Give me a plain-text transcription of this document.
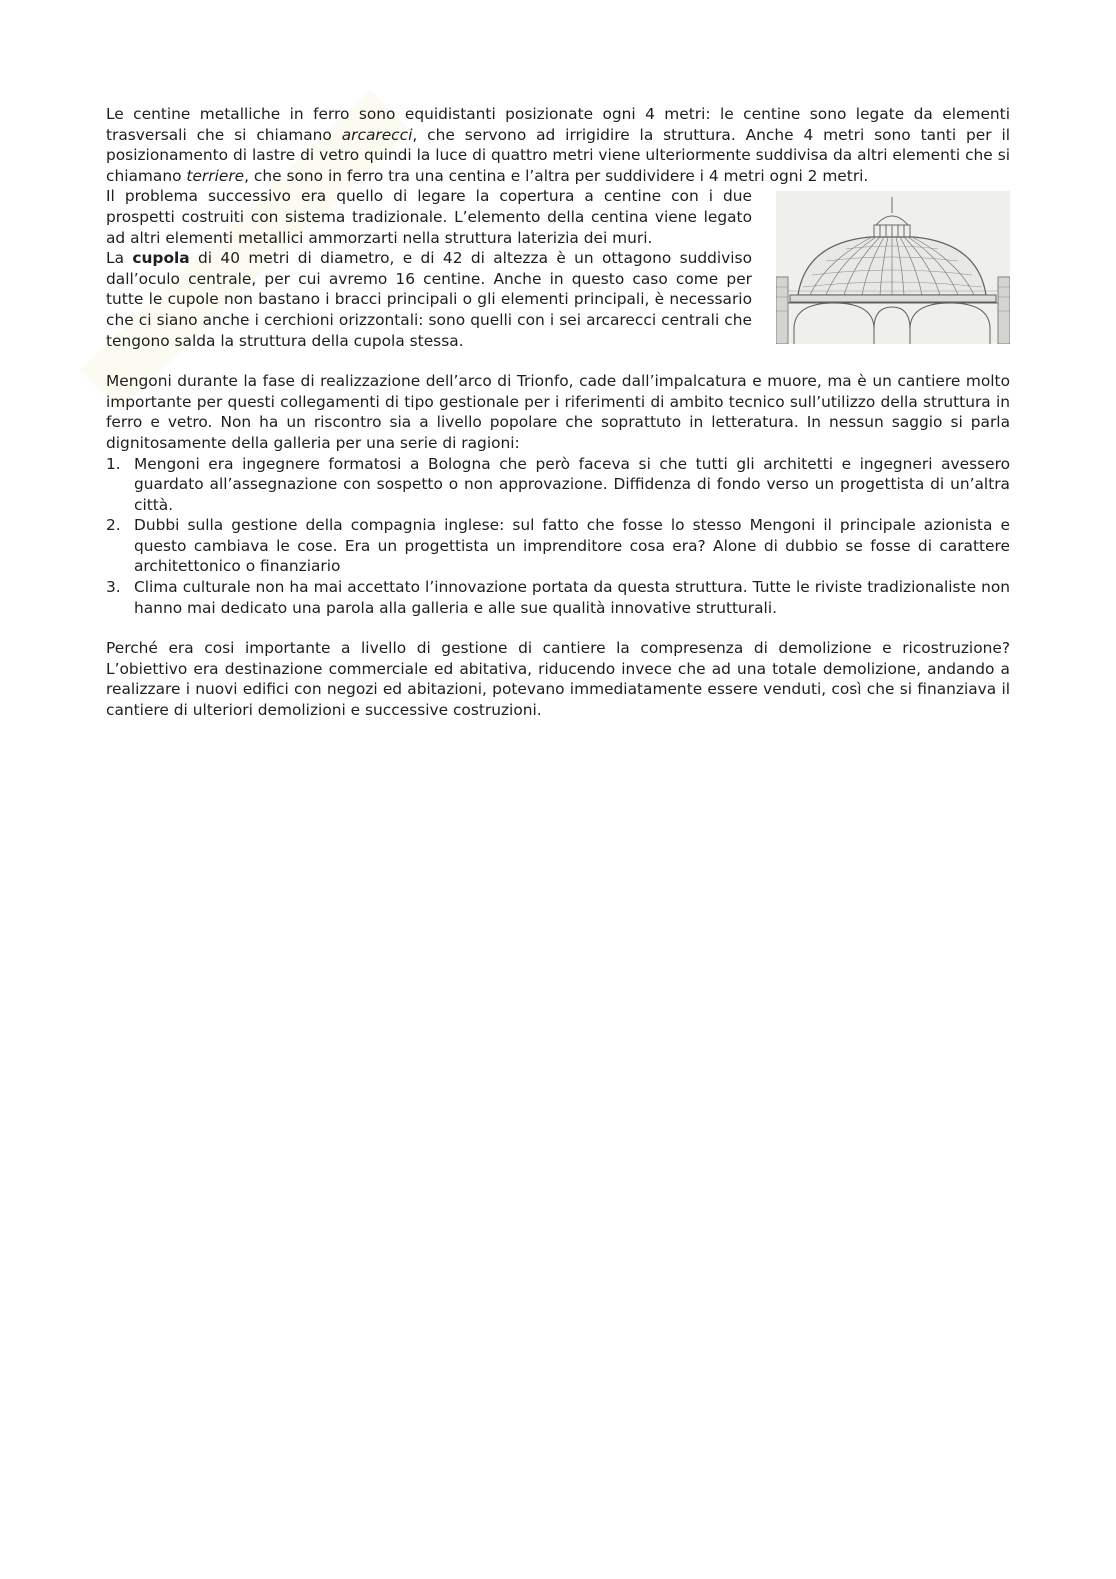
Le centine metalliche in ferro sono equidistanti posizionate ogni 4 metri: le centine sono legate da elementi trasversali che si chiamano arcarecci, che servono ad irrigidire la struttura. Anche 4 metri sono tanti per il posizionamento di lastre di vetro quindi la luce di quattro metri viene ulteriormente suddivisa da altri elementi che si chiamano terriere, che sono in ferro tra una centina e l’altra per suddividere i 4 metri ogni 2 metri.

Il problema successivo era quello di legare la copertura a centine con i due prospetti costruiti con sistema tradizionale. L’elemento della centina viene legato ad altri elementi metallici ammorzarti nella struttura laterizia dei muri.

La cupola di 40 metri di diametro, e di 42 di altezza è un ottagono suddiviso dall’oculo centrale, per cui avremo 16 centine. Anche in questo caso come per tutte le cupole non bastano i bracci principali o gli elementi principali, è necessario che ci siano anche i cerchioni orizzontali: sono quelli con i sei arcarecci centrali che tengono salda la struttura della cupola stessa.

Mengoni durante la fase di realizzazione dell’arco di Trionfo, cade dall’impalcatura e muore, ma è un cantiere molto importante per questi collegamenti di tipo gestionale per i riferimenti di ambito tecnico sull’utilizzo della struttura in ferro e vetro. Non ha un riscontro sia a livello popolare che soprattuto in letteratura. In nessun saggio si parla dignitosamente della galleria per una serie di ragioni:

1. Mengoni era ingegnere formatosi a Bologna che però faceva si che tutti gli architetti e ingegneri avessero guardato all’assegnazione con sospetto o non approvazione. Diffidenza di fondo verso un progettista di un’altra città.
2. Dubbi sulla gestione della compagnia inglese: sul fatto che fosse lo stesso Mengoni il principale azionista e questo cambiava le cose. Era un progettista un imprenditore cosa era? Alone di dubbio se fosse di carattere architettonico o finanziario
3. Clima culturale non ha mai accettato l’innovazione portata da questa struttura. Tutte le riviste tradizionaliste non hanno mai dedicato una parola alla galleria e alle sue qualità innovative strutturali.

Perché era cosi importante a livello di gestione di cantiere la compresenza di demolizione e ricostruzione? L’obiettivo era destinazione commerciale ed abitativa, riducendo invece che ad una totale demolizione, andando a realizzare i nuovi edifici con negozi ed abitazioni, potevano immediatamente essere venduti, così che si finanziava il cantiere di ulteriori demolizioni e successive costruzioni.
